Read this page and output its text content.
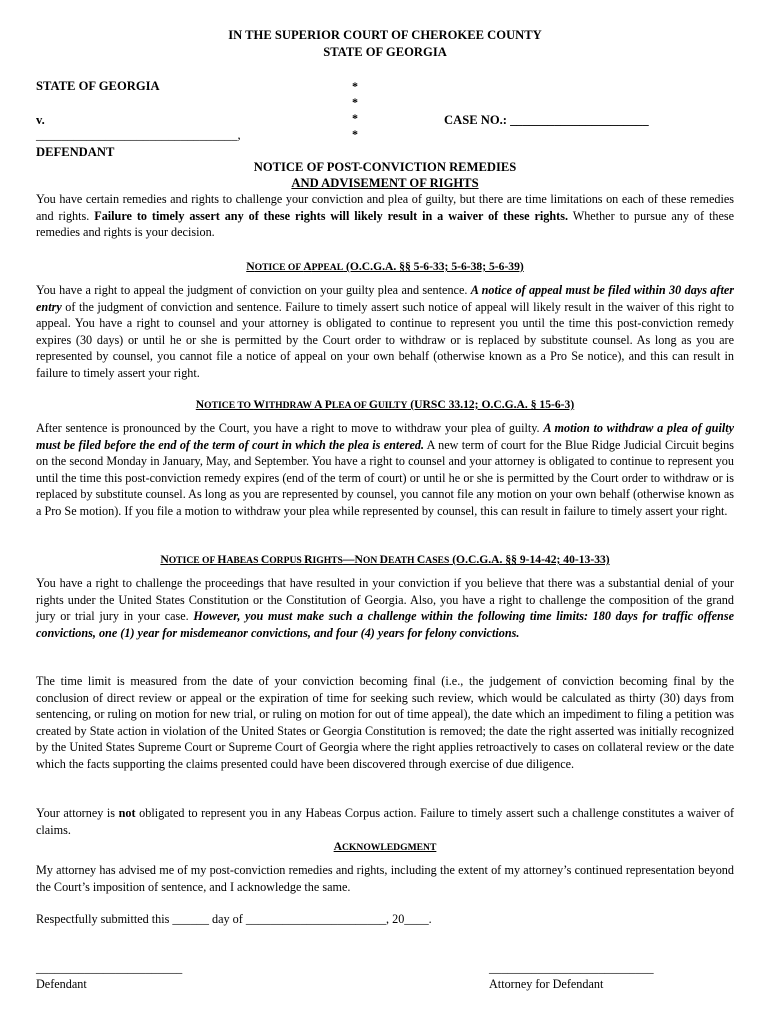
IN THE SUPERIOR COURT OF CHEROKEE COUNTY
STATE OF GEORGIA
STATE OF GEORGIA
v.
________________________________,
DEFENDANT
CASE NO.: ______________________
*
*
*
*
NOTICE OF POST-CONVICTION REMEDIES
AND ADVISEMENT OF RIGHTS

You have certain remedies and rights to challenge your conviction and plea of guilty, but there are time limitations on each of these remedies and rights. Failure to timely assert any of these rights will likely result in a waiver of these rights. Whether to pursue any of these remedies and rights is your decision.

NOTICE OF APPEAL (O.C.G.A. §§ 5-6-33; 5-6-38; 5-6-39)

You have a right to appeal the judgment of conviction on your guilty plea and sentence. A notice of appeal must be filed within 30 days after entry of the judgment of conviction and sentence. Failure to timely assert such notice of appeal will likely result in the waiver of this right to appeal. You have a right to counsel and your attorney is obligated to continue to represent you until the time this post-conviction remedy expires (30 days) or until he or she is permitted by the Court order to withdraw or is replaced by substitute counsel. As long as you are represented by counsel, you cannot file a notice of appeal on your own behalf (otherwise known as a Pro Se notice), and this can result in failure to timely assert your right.

NOTICE TO WITHDRAW A PLEA OF GUILTY (URSC 33.12; O.C.G.A. § 15-6-3)

After sentence is pronounced by the Court, you have a right to move to withdraw your plea of guilty. A motion to withdraw a plea of guilty must be filed before the end of the term of court in which the plea is entered. A new term of court for the Blue Ridge Judicial Circuit begins on the second Monday in January, May, and September. You have a right to counsel and your attorney is obligated to continue to represent you until the time this post-conviction remedy expires (end of the term of court) or until he or she is permitted by the Court order to withdraw or is replaced by substitute counsel. As long as you are represented by counsel, you cannot file any motion on your own behalf (otherwise known as a Pro Se motion). If you file a motion to withdraw your plea while represented by counsel, this can result in failure to timely assert your right.

NOTICE OF HABEAS CORPUS RIGHTS—NON DEATH CASES (O.C.G.A. §§ 9-14-42; 40-13-33)

You have a right to challenge the proceedings that have resulted in your conviction if you believe that there was a substantial denial of your rights under the United States Constitution or the Constitution of Georgia. Also, you have a right to challenge the composition of the grand jury or trial jury in your case. However, you must make such a challenge within the following time limits: 180 days for traffic offense convictions, one (1) year for misdemeanor convictions, and four (4) years for felony convictions.

The time limit is measured from the date of your conviction becoming final (i.e., the judgement of conviction becoming final by the conclusion of direct review or appeal or the expiration of time for seeking such review, which would be calculated as thirty (30) days from sentencing, or ruling on motion for new trial, or ruling on motion for out of time appeal), the date which an impediment to filing a petition was created by State action in violation of the United States or Georgia Constitution is removed; the date the right asserted was initially recognized by the United States Supreme Court or Supreme Court of Georgia where the right applies retroactively to cases on collateral review or the date which the facts supporting the claims presented could have been discovered through exercise of due diligence.

Your attorney is not obligated to represent you in any Habeas Corpus action. Failure to timely assert such a challenge constitutes a waiver of claims.

ACKNOWLEDGMENT

My attorney has advised me of my post-conviction remedies and rights, including the extent of my attorney’s continued representation beyond the Court’s imposition of sentence, and I acknowledge the same.

Respectfully submitted this ______ day of _______________________, 20____.
________________________
Defendant
___________________________
Attorney for Defendant
